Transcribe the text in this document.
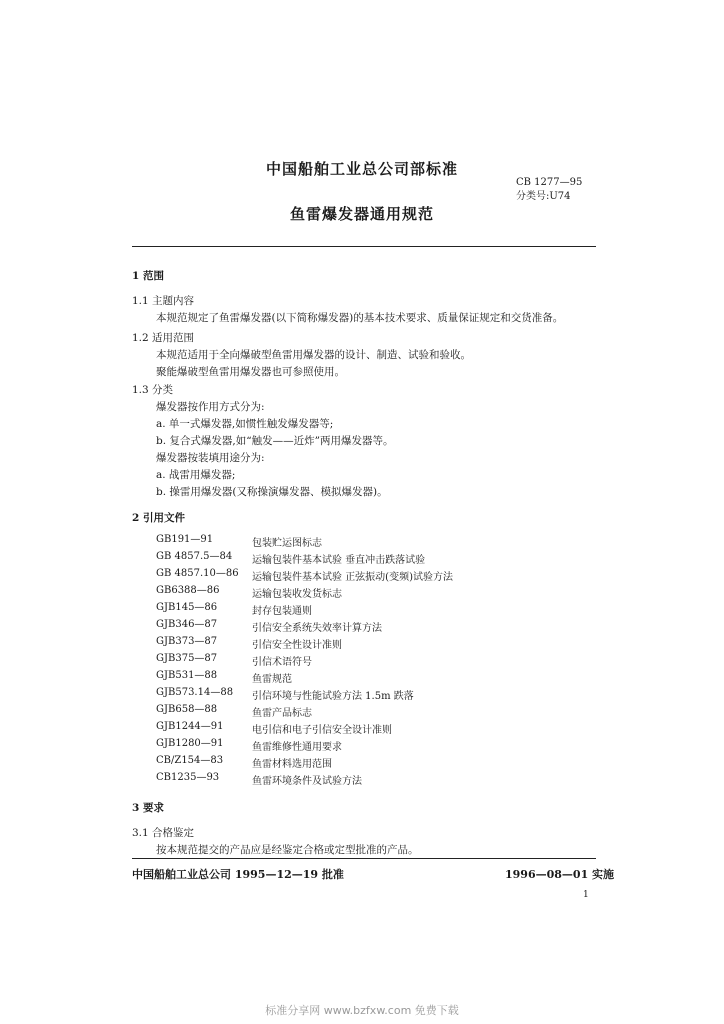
中国船舶工业总公司部标准
CB 1277—95
分类号:U74
鱼雷爆发器通用规范
1 范围
1.1 主题内容
本规范规定了鱼雷爆发器(以下简称爆发器)的基本技术要求、质量保证规定和交货准备。
1.2 适用范围
本规范适用于全向爆破型鱼雷用爆发器的设计、制造、试验和验收。
聚能爆破型鱼雷用爆发器也可参照使用。
1.3 分类
爆发器按作用方式分为:
a. 单一式爆发器,如惯性触发爆发器等;
b. 复合式爆发器,如“触发——近炸”两用爆发器等。
爆发器按装填用途分为:
a. 战雷用爆发器;
b. 操雷用爆发器(又称操演爆发器、模拟爆发器)。
2 引用文件
GB191—91	包装贮运图标志
GB 4857.5—84 运输包装件基本试验 垂直冲击跌落试验
GB 4857.10—86 运输包装件基本试验 正弦振动(变频)试验方法
GB6388—86	运输包装收发货标志
GJB145—86	封存包装通则
GJB346—87	引信安全系统失效率计算方法
GJB373—87	引信安全性设计准则
GJB375—87	引信术语符号
GJB531—88	鱼雷规范
GJB573.14—88 引信环境与性能试验方法 1.5m 跌落
GJB658—88	鱼雷产品标志
GJB1244—91	电引信和电子引信安全设计准则
GJB1280—91	鱼雷维修性通用要求
CB/Z154—83	鱼雷材料选用范围
CB1235—93	鱼雷环境条件及试验方法
3 要求
3.1 合格鉴定
按本规范提交的产品应是经鉴定合格或定型批准的产品。
中国船舶工业总公司 1995—12—19 批准	1996—08—01 实施
1
标准分享网 www.bzfxw.com 免费下载
